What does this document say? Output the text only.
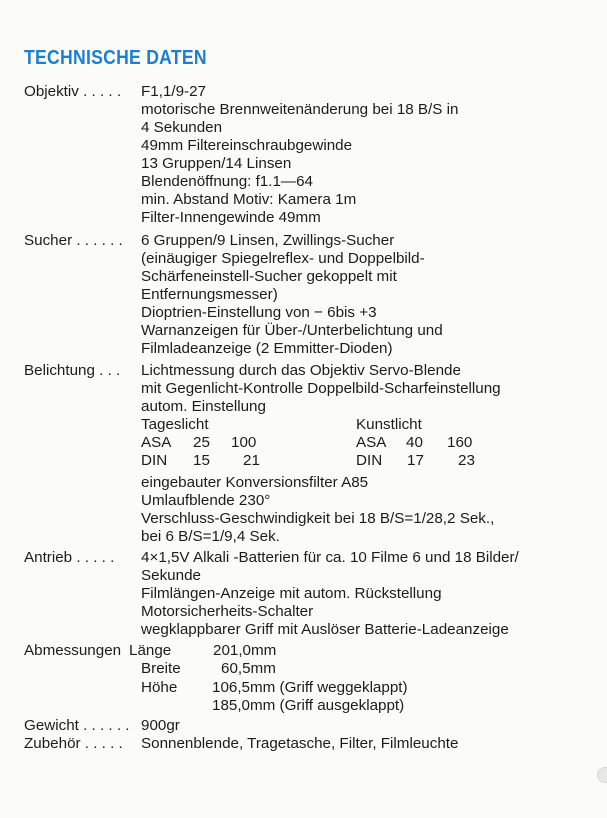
TECHNISCHE DATEN
Objektiv . . . . . F1,1/9-27
motorische Brennweitenänderung bei 18 B/S in
4 Sekunden
49mm Filtereinschraubgewinde
13 Gruppen/14 Linsen
Blendenöffnung: f1.1—64
min. Abstand Motiv: Kamera 1m
Filter-Innengewinde 49mm
Sucher . . . . . . 6 Gruppen/9 Linsen, Zwillings-Sucher
(einäugiger Spiegelreflex- und Doppelbild-
Schärfeneinstell-Sucher gekoppelt mit
Entfernungsmesser)
Dioptrien-Einstellung von − 6bis +3
Warnanzeigen für Über-/Unterbelichtung und
Filmladeanzeige (2 Emmitter-Dioden)
Belichtung . . . Lichtmessung durch das Objektiv Servo-Blende
mit Gegenlicht-Kontrolle Doppelbild-Scharfeinstellung
autom. Einstellung
Tageslicht	Kunstlicht
ASA 25 100	ASA 40 160
DIN 15 21	DIN 17 23
eingebauter Konversionsfilter A85
Umlaufblende 230°
Verschluss-Geschwindigkeit bei 18 B/S=1/28,2 Sek.,
bei 6 B/S=1/9,4 Sek.
Antrieb . . . . . 4×1,5V Alkali -Batterien für ca. 10 Filme 6 und 18 Bilder/
Sekunde
Filmlängen-Anzeige mit autom. Rückstellung
Motorsicherheits-Schalter
wegklappbarer Griff mit Auslöser Batterie-Ladeanzeige
Abmessungen Länge	201,0mm
Breite	60,5mm
Höhe 106,5mm (Griff weggeklappt)
185,0mm (Griff ausgeklappt)
Gewicht . . . . . . 900gr
Zubehör . . . . . Sonnenblende, Tragetasche, Filter, Filmleuchte
